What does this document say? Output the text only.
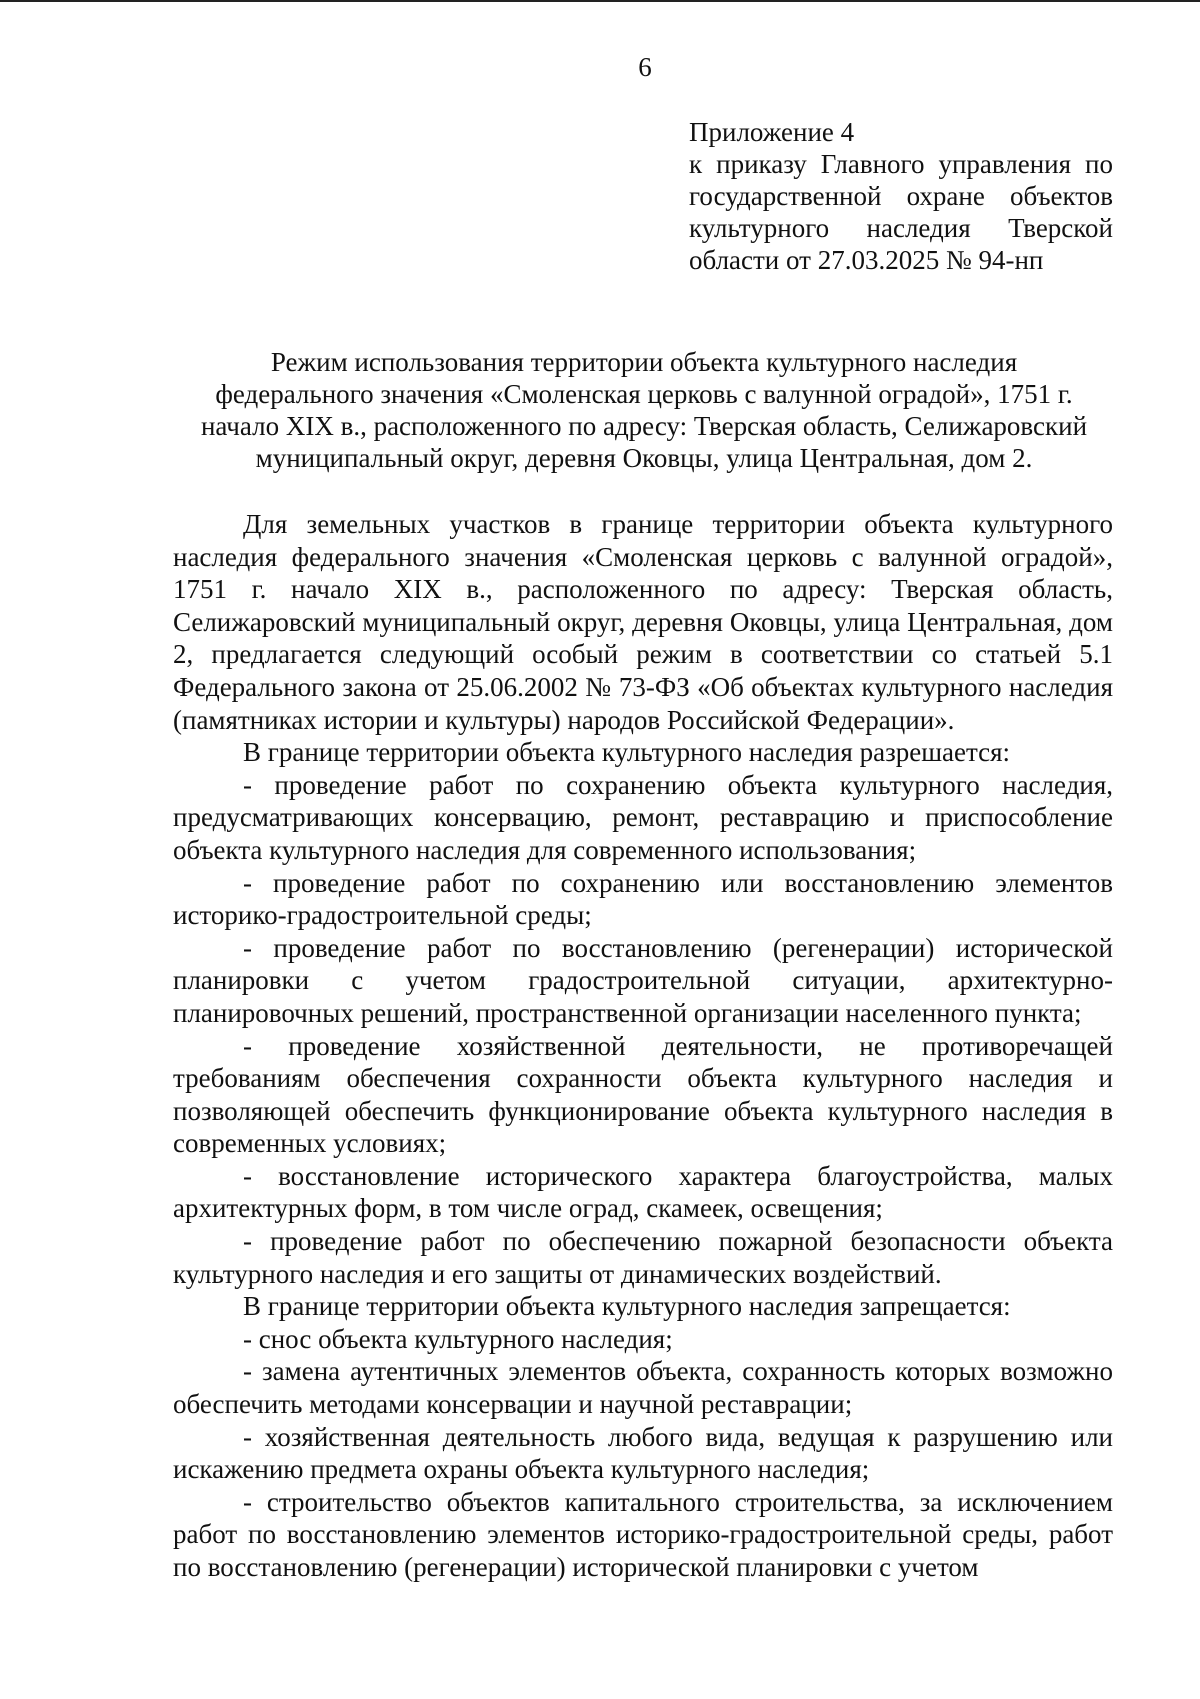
6
Приложение 4
к приказу Главного управления по
государственной охране объектов
культурного наследия Тверской
области от 27.03.2025 № 94-нп
Режим использования территории объекта культурного наследия
федерального значения «Смоленская церковь с валунной оградой», 1751 г.
начало XIX в., расположенного по адресу: Тверская область, Селижаровский
муниципальный округ, деревня Оковцы, улица Центральная, дом 2.

Для земельных участков в границе территории объекта культурного наследия федерального значения «Смоленская церковь с валунной оградой», 1751 г. начало XIX в., расположенного по адресу: Тверская область, Селижаровский муниципальный округ, деревня Оковцы, улица Центральная, дом 2, предлагается следующий особый режим в соответствии со статьей 5.1 Федерального закона от 25.06.2002 № 73-ФЗ «Об объектах культурного наследия (памятниках истории и культуры) народов Российской Федерации».

В границе территории объекта культурного наследия разрешается:

- проведение работ по сохранению объекта культурного наследия, предусматривающих консервацию, ремонт, реставрацию и приспособление объекта культурного наследия для современного использования;

- проведение работ по сохранению или восстановлению элементов историко-градостроительной среды;

- проведение работ по восстановлению (регенерации) исторической планировки с учетом градостроительной ситуации, архитектурно-планировочных решений, пространственной организации населенного пункта;

- проведение хозяйственной деятельности, не противоречащей требованиям обеспечения сохранности объекта культурного наследия и позволяющей обеспечить функционирование объекта культурного наследия в современных условиях;

- восстановление исторического характера благоустройства, малых архитектурных форм, в том числе оград, скамеек, освещения;

- проведение работ по обеспечению пожарной безопасности объекта культурного наследия и его защиты от динамических воздействий.

В границе территории объекта культурного наследия запрещается:

- снос объекта культурного наследия;

- замена аутентичных элементов объекта, сохранность которых возможно обеспечить методами консервации и научной реставрации;

- хозяйственная деятельность любого вида, ведущая к разрушению или искажению предмета охраны объекта культурного наследия;

- строительство объектов капитального строительства, за исключением работ по восстановлению элементов историко-градостроительной среды, работ по восстановлению (регенерации) исторической планировки с учетом
